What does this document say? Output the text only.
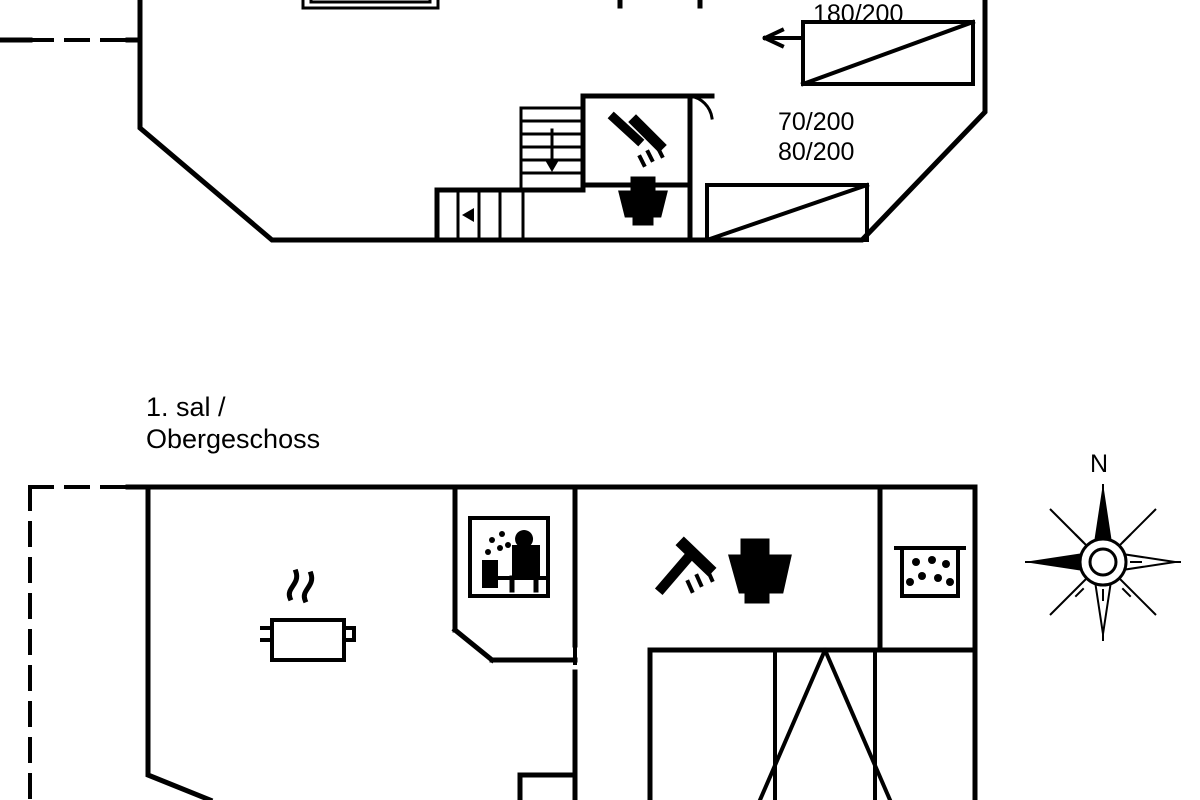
180/200
70/200
80/200
1. sal /
Obergeschoss
N
